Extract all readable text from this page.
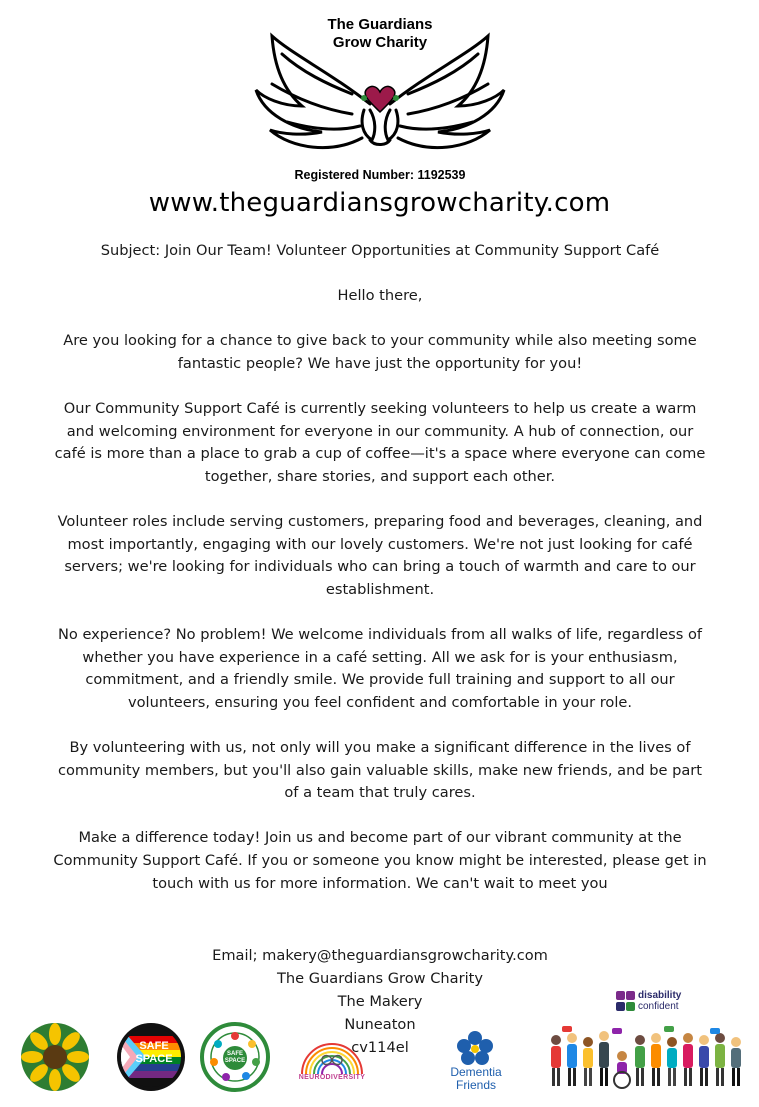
The Guardians Grow Charity
Registered Number: 1192539
www.theguardiansgrowcharity.com

Subject: Join Our Team! Volunteer Opportunities at Community Support Café

Hello there,

Are you looking for a chance to give back to your community while also meeting some fantastic people? We have just the opportunity for you!

Our Community Support Café is currently seeking volunteers to help us create a warm and welcoming environment for everyone in our community. A hub of connection, our café is more than a place to grab a cup of coffee—it's a space where everyone can come together, share stories, and support each other.

Volunteer roles include serving customers, preparing food and beverages, cleaning, and most importantly, engaging with our lovely customers. We're not just looking for café servers; we're looking for individuals who can bring a touch of warmth and care to our establishment.

No experience? No problem! We welcome individuals from all walks of life, regardless of whether you have experience in a café setting. All we ask for is your enthusiasm, commitment, and a friendly smile. We provide full training and support to all our volunteers, ensuring you feel confident and comfortable in your role.

By volunteering with us, not only will you make a significant difference in the lives of community members, but you'll also gain valuable skills, make new friends, and be part of a team that truly cares.

Make a difference today! Join us and become part of our vibrant community at the Community Support Café. If you or someone you know might be interested, please get in touch with us for more information. We can't wait to meet you

Email; makery@theguardiansgrowcharity.com
The Guardians Grow Charity
The Makery
Nuneaton
cv114el
SAFE SPACE	SAFE SPACE
NEURODIVERSITY	Dementia Friends
disability
confident
